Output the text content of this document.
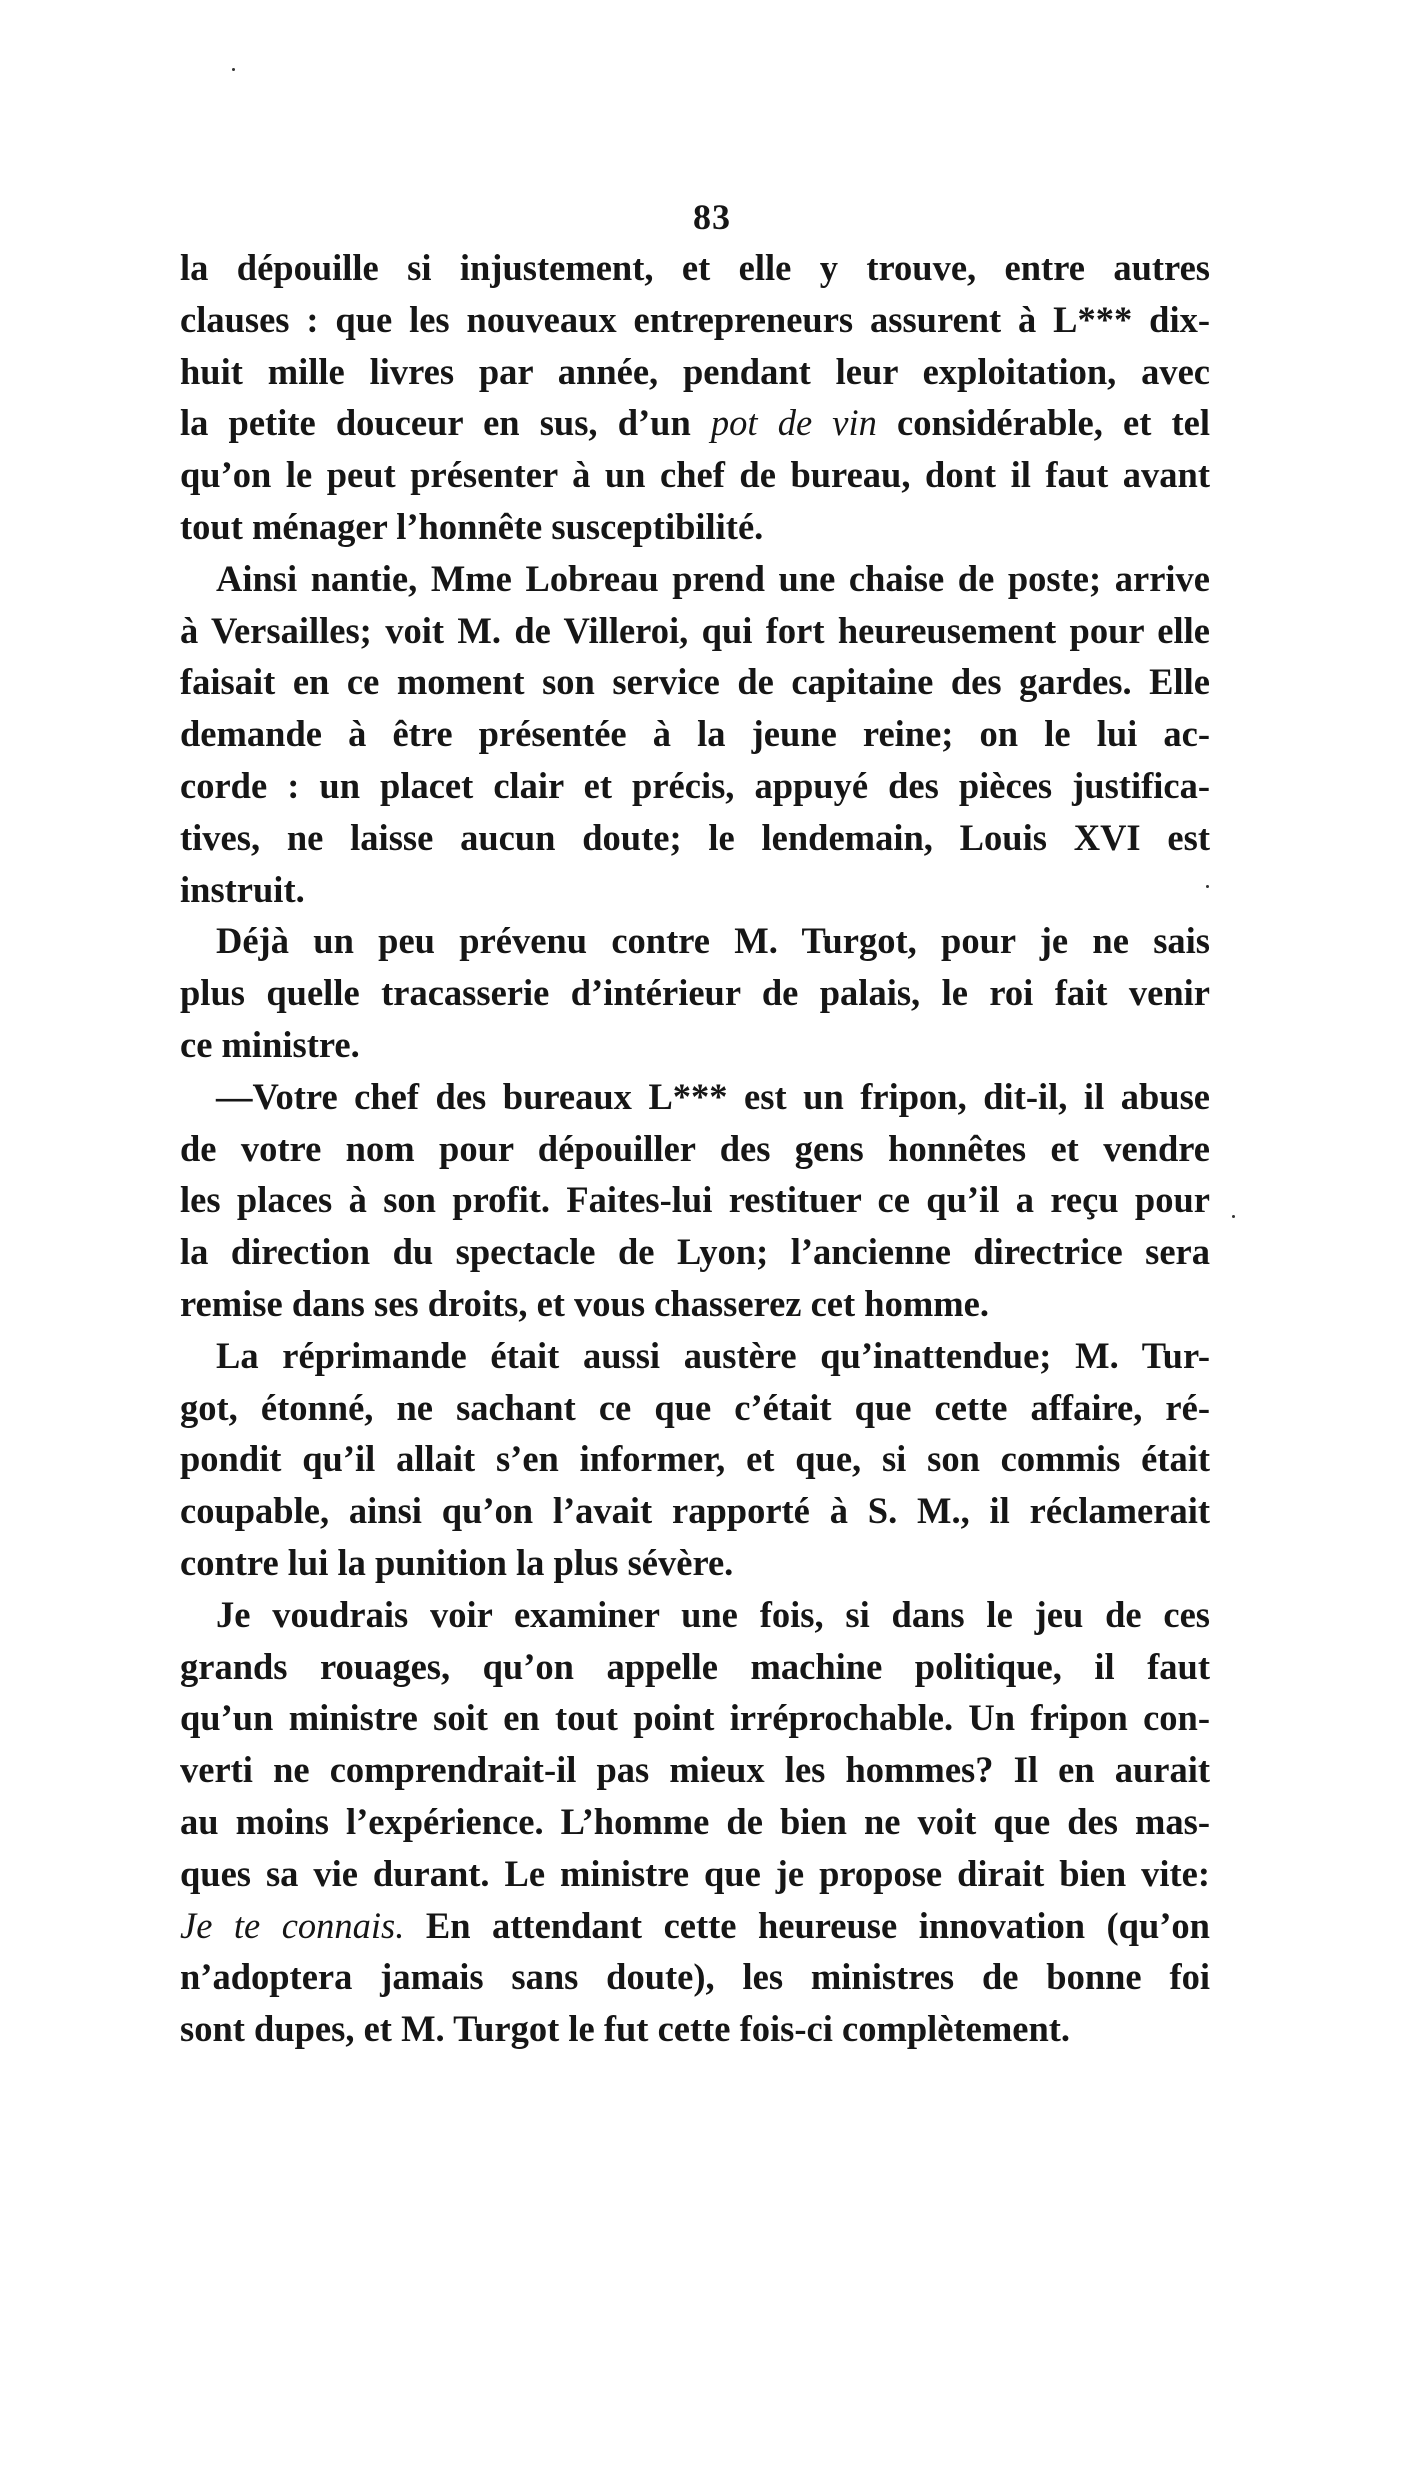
83
la dépouille si injustement, et elle y trouve, entre autres
clauses : que les nouveaux entrepreneurs assurent à L*** dix-
huit mille livres par année, pendant leur exploitation, avec
la petite douceur en sus, d’un pot de vin considérable, et tel
qu’on le peut présenter à un chef de bureau, dont il faut avant
tout ménager l’honnête susceptibilité.
Ainsi nantie, Mme Lobreau prend une chaise de poste; arrive
à Versailles; voit M. de Villeroi, qui fort heureusement pour elle
faisait en ce moment son service de capitaine des gardes. Elle
demande à être présentée à la jeune reine; on le lui ac-
corde : un placet clair et précis, appuyé des pièces justifica-
tives, ne laisse aucun doute; le lendemain, Louis XVI est
instruit.
Déjà un peu prévenu contre M. Turgot, pour je ne sais
plus quelle tracasserie d’intérieur de palais, le roi fait venir
ce ministre.
—Votre chef des bureaux L*** est un fripon, dit-il, il abuse
de votre nom pour dépouiller des gens honnêtes et vendre
les places à son profit. Faites-lui restituer ce qu’il a reçu pour
la direction du spectacle de Lyon; l’ancienne directrice sera
remise dans ses droits, et vous chasserez cet homme.
La réprimande était aussi austère qu’inattendue; M. Tur-
got, étonné, ne sachant ce que c’était que cette affaire, ré-
pondit qu’il allait s’en informer, et que, si son commis était
coupable, ainsi qu’on l’avait rapporté à S. M., il réclamerait
contre lui la punition la plus sévère.
Je voudrais voir examiner une fois, si dans le jeu de ces
grands rouages, qu’on appelle machine politique, il faut
qu’un ministre soit en tout point irréprochable. Un fripon con-
verti ne comprendrait-il pas mieux les hommes? Il en aurait
au moins l’expérience. L’homme de bien ne voit que des mas-
ques sa vie durant. Le ministre que je propose dirait bien vite:
Je te connais. En attendant cette heureuse innovation (qu’on
n’adoptera jamais sans doute), les ministres de bonne foi
sont dupes, et M. Turgot le fut cette fois-ci complètement.
